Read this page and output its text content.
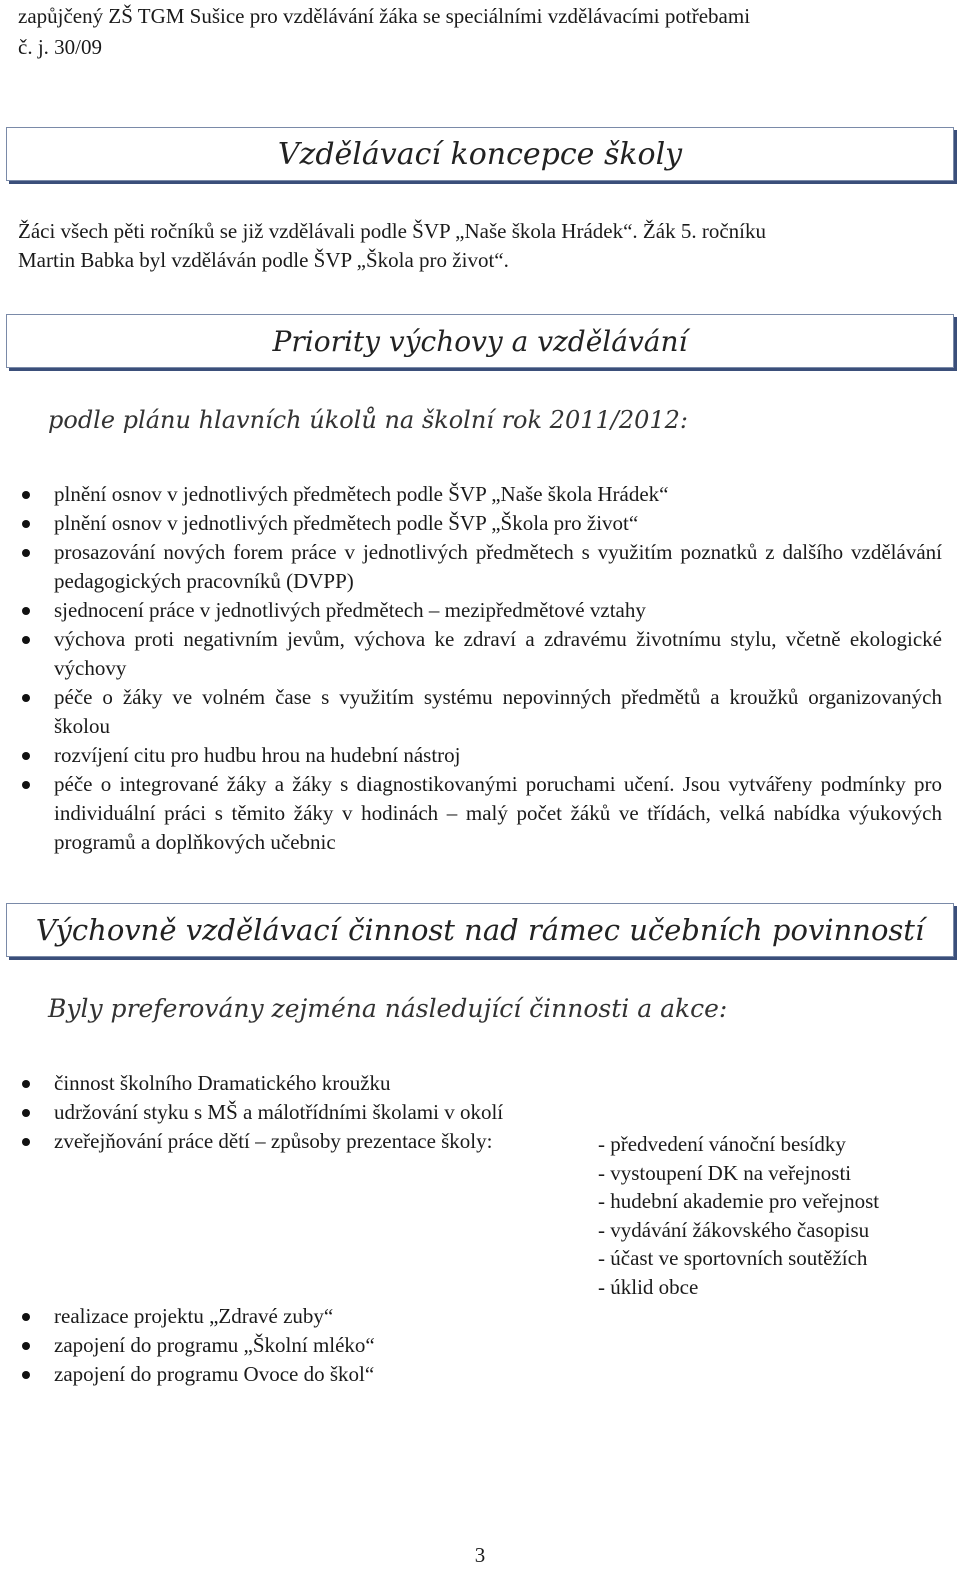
zapůjčený ZŠ TGM Sušice pro vzdělávání žáka se speciálními vzdělávacími potřebami
č. j. 30/09
Vzdělávací koncepce školy
Žáci všech pěti ročníků se již vzdělávali podle ŠVP „Naše škola Hrádek“. Žák 5. ročníku
Martin Babka byl vzděláván podle ŠVP „Škola pro život“.
Priority výchovy a vzdělávání
podle plánu hlavních úkolů na školní rok 2011/2012:
plnění osnov v jednotlivých předmětech podle ŠVP „Naše škola Hrádek“
plnění osnov v jednotlivých předmětech podle ŠVP „Škola pro život“
prosazování nových forem práce v jednotlivých předmětech s využitím poznatků z dalšího vzdělávání pedagogických pracovníků (DVPP)
sjednocení práce v jednotlivých předmětech – mezipředmětové vztahy
výchova proti negativním jevům, výchova ke zdraví a zdravému životnímu stylu, včetně ekologické výchovy
péče o žáky ve volném čase s využitím systému nepovinných předmětů a kroužků organizovaných školou
rozvíjení citu pro hudbu hrou na hudební nástroj
péče o integrované žáky a žáky s diagnostikovanými poruchami učení. Jsou vytvářeny podmínky pro individuální práci s těmito žáky v hodinách – malý počet žáků ve třídách, velká nabídka výukových programů a doplňkových učebnic
Výchovně vzdělávací činnost nad rámec učebních povinností
Byly preferovány zejména následující činnosti a akce:
činnost školního Dramatického kroužku
udržování styku s MŠ a málotřídními školami v okolí
zveřejňování práce dětí – způsoby prezentace školy:	- předvedení vánoční besídky
- vystoupení DK na veřejnosti
- hudební akademie pro veřejnost
- vydávání žákovského časopisu
- účast ve sportovních soutěžích
- úklid obce
realizace projektu „Zdravé zuby“
zapojení do programu „Školní mléko“
zapojení do programu Ovoce do škol“
3
